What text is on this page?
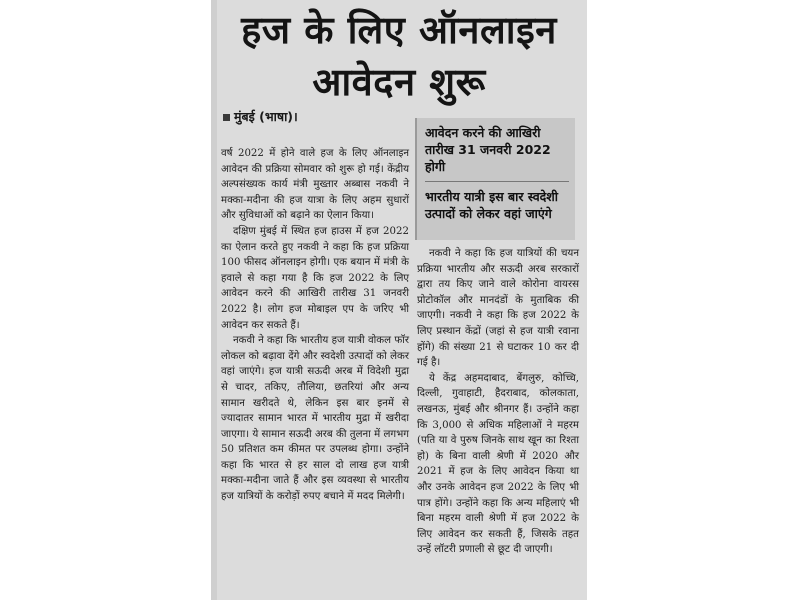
हज के लिए ऑनलाइन
आवेदन शुरू
मुंबई (भाषा)।
आवेदन करने की आखिरी तारीख 31 जनवरी 2022 होगी
भारतीय यात्री इस बार स्वदेशी उत्पादों को लेकर वहां जाएंगे

वर्ष 2022 में होने वाले हज के लिए ऑनलाइन आवेदन की प्रक्रिया सोमवार को शुरू हो गई। केंद्रीय अल्पसंख्यक कार्य मंत्री मुख्तार अब्बास नकवी ने मक्का-मदीना की हज यात्रा के लिए अहम सुधारों और सुविधाओं को बढ़ाने का ऐलान किया।

दक्षिण मुंबई में स्थित हज हाउस में हज 2022 का ऐलान करते हुए नकवी ने कहा कि हज प्रक्रिया 100 फीसद ऑनलाइन होगी। एक बयान में मंत्री के हवाले से कहा गया है कि हज 2022 के लिए आवेदन करने की आखिरी तारीख 31 जनवरी 2022 है। लोग हज मोबाइल एप के जरिए भी आवेदन कर सकते हैं।

नकवी ने कहा कि भारतीय हज यात्री वोकल फॉर लोकल को बढ़ावा देंगे और स्वदेशी उत्पादों को लेकर वहां जाएंगे। हज यात्री सऊदी अरब में विदेशी मुद्रा से चादर, तकिए, तौलिया, छतरियां और अन्य सामान खरीदते थे, लेकिन इस बार इनमें से ज्यादातर सामान भारत में भारतीय मुद्रा में खरीदा जाएगा। ये सामान सऊदी अरब की तुलना में लगभग 50 प्रतिशत कम कीमत पर उपलब्ध होगा। उन्होंने कहा कि भारत से हर साल दो लाख हज यात्री मक्का-मदीना जाते हैं और इस व्यवस्था से भारतीय हज यात्रियों के करोड़ों रुपए बचाने में मदद मिलेगी।

नकवी ने कहा कि हज यात्रियों की चयन प्रक्रिया भारतीय और सऊदी अरब सरकारों द्वारा तय किए जाने वाले कोरोना वायरस प्रोटोकॉल और मानदंडों के मुताबिक की जाएगी। नकवी ने कहा कि हज 2022 के लिए प्रस्थान केंद्रों (जहां से हज यात्री रवाना होंगे) की संख्या 21 से घटाकर 10 कर दी गई है।

ये केंद्र अहमदाबाद, बेंगलुरु, कोच्चि, दिल्ली, गुवाहाटी, हैदराबाद, कोलकाता, लखनऊ, मुंबई और श्रीनगर हैं। उन्होंने कहा कि 3,000 से अधिक महिलाओं ने महरम (पति या वे पुरुष जिनके साथ खून का रिश्ता हो) के बिना वाली श्रेणी में 2020 और 2021 में हज के लिए आवेदन किया था और उनके आवेदन हज 2022 के लिए भी पात्र होंगे। उन्होंने कहा कि अन्य महिलाएं भी बिना महरम वाली श्रेणी में हज 2022 के लिए आवेदन कर सकती हैं, जिसके तहत उन्हें लॉटरी प्रणाली से छूट दी जाएगी।
